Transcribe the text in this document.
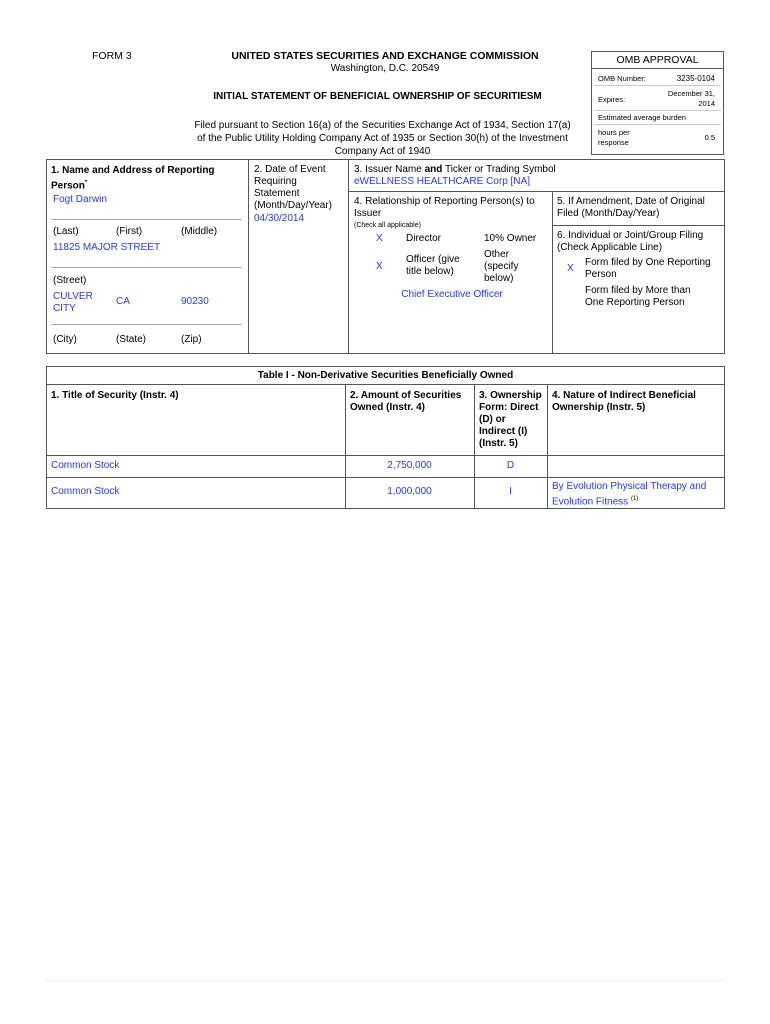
FORM 3	UNITED STATES SECURITIES AND EXCHANGE COMMISSION
Washington, D.C. 20549
INITIAL STATEMENT OF BENEFICIAL OWNERSHIP OF SECURITIESM
Filed pursuant to Section 16(a) of the Securities Exchange Act of 1934, Section 17(a)
of the Public Utility Holding Company Act of 1935 or Section 30(h) of the Investment
Company Act of 1940
OMB APPROVAL
OMB Number:	3235-0104
Expires:
December 31,
2014
Estimated average burden
hours per
response
0.5
1. Name and Address of Reporting
Person*
Fogt Darwin
(Last)	(First)	(Middle)
11825 MAJOR STREET
(Street)
CULVER
CITY
CA	90230
(City)	(State)	(Zip)
2. Date of Event
Requiring
Statement
(Month/Day/Year)
04/30/2014
3. Issuer Name and Ticker or Trading Symbol
eWELLNESS HEALTHCARE Corp [NA]
4. Relationship of Reporting Person(s) to
Issuer
(Check all applicable)
X Director	10% Owner
X
Officer (give
title below)
Other
(specify
below)
Chief Executive Officer
5. If Amendment, Date of Original
Filed (Month/Day/Year)
6. Individual or Joint/Group Filing
(Check Applicable Line)
X
Form filed by One Reporting
Person
Form filed by More than
One Reporting Person
Table I - Non-Derivative Securities Beneficially Owned
1. Title of Security (Instr. 4)	2. Amount of Securities
Owned (Instr. 4)
3. Ownership
Form: Direct
(D) or
Indirect (I)
(Instr. 5)
4. Nature of Indirect Beneficial
Ownership (Instr. 5)
Common Stock	2,750,000	D
Common Stock	1,000,000	I	By Evolution Physical Therapy and
Evolution Fitness $^{(1)}$
